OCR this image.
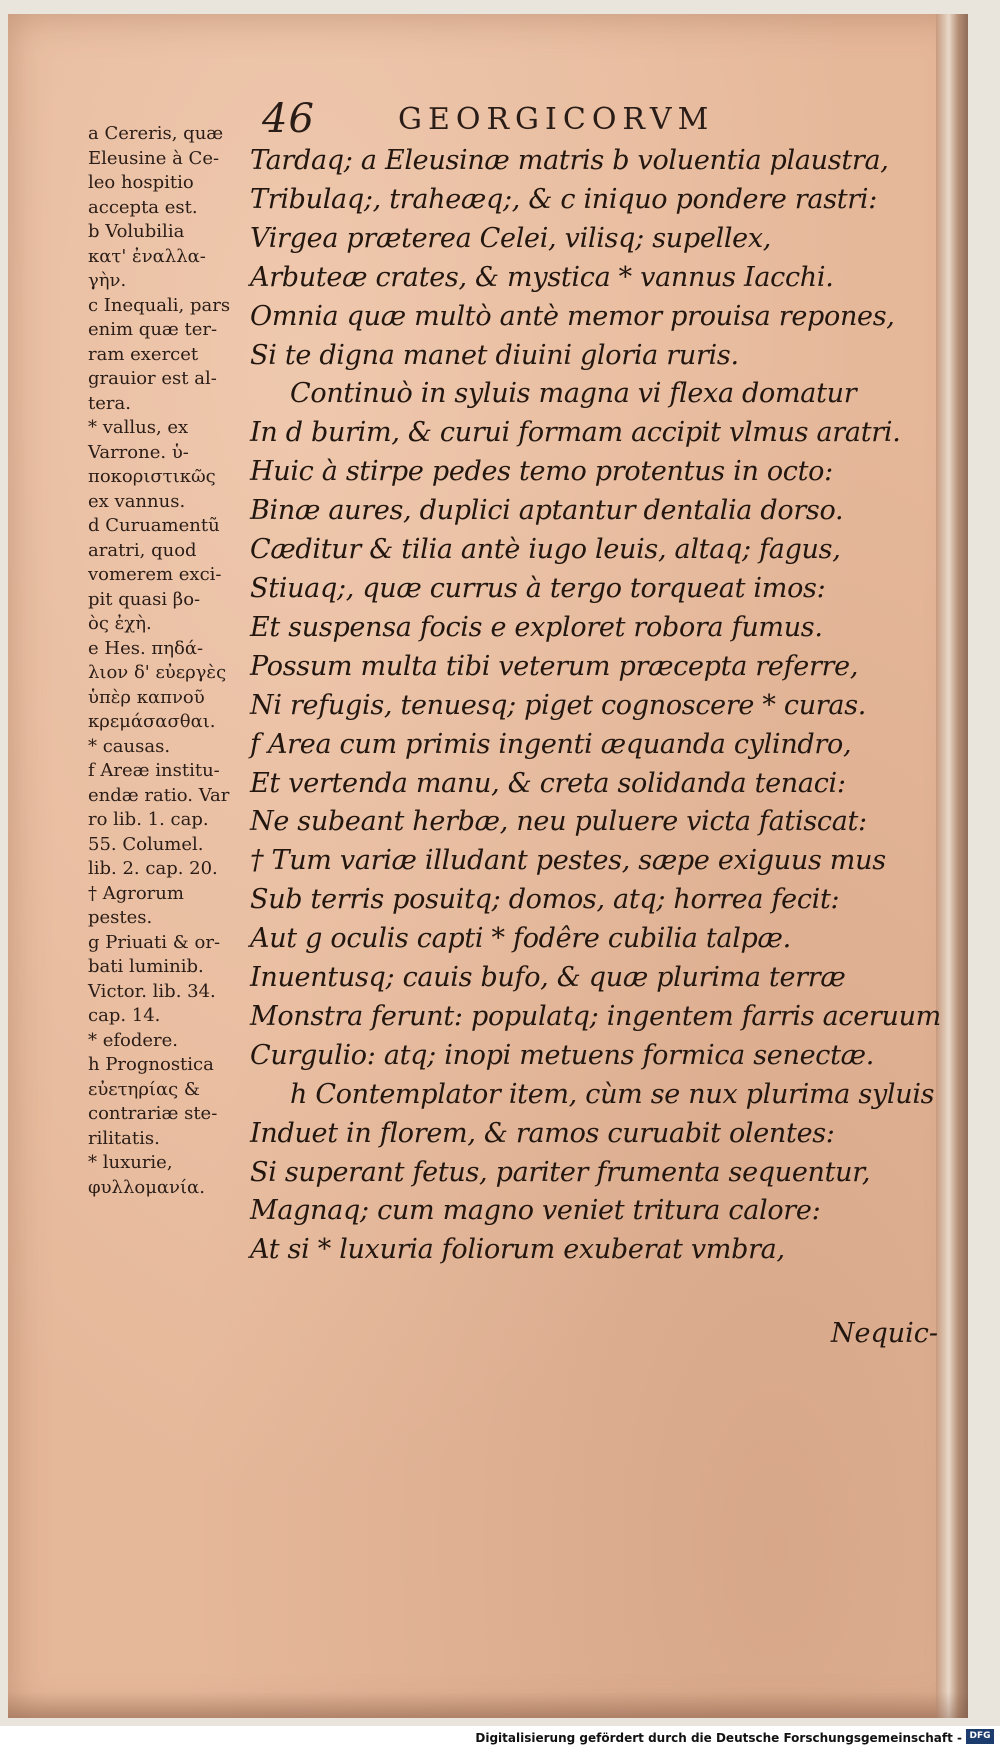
46	GEORGICORVM
a Cereris, quæ
Eleusine à Ce-
leo hospitio
accepta est.
b Volubilia
κατ' ἐναλλα-
γὴν.
c Inequali, pars
enim quæ ter-
ram exercet
grauior est al-
tera.
* vallus, ex
Varrone. ὑ-
ποκοριστικῶς
ex vannus.
d Curuamentũ
aratri, quod
vomerem exci-
pit quasi βο-
ὸς ἐχὴ.
e Hes. πηδά-
λιον δ' εὐεργὲς
ὑπὲρ καπνοῦ
κρεμάσασθαι.
* causas.
f Areæ institu-
endæ ratio. Var
ro lib. 1. cap.
55. Columel.
lib. 2. cap. 20.
† Agrorum
pestes.
g Priuati & or-
bati luminib.
Victor. lib. 34.
cap. 14.
* efodere.
h Prognostica
εὐετηρίας &
contrariæ ste-
rilitatis.
* luxurie,
φυλλομανία.
Tardaq; a Eleusinæ matris b voluentia plaustra,
Tribulaq;, traheæq;, & c iniquo pondere rastri:
Virgea præterea Celei, vilisq; supellex,
Arbuteæ crates, & mystica * vannus Iacchi.
Omnia quæ multò antè memor prouisa repones,
Si te digna manet diuini gloria ruris.
Continuò in syluis magna vi flexa domatur
In d burim, & curui formam accipit vlmus aratri.
Huic à stirpe pedes temo protentus in octo:
Binæ aures, duplici aptantur dentalia dorso.
Cæditur & tilia antè iugo leuis, altaq; fagus,
Stiuaq;, quæ currus à tergo torqueat imos:
Et suspensa focis e exploret robora fumus.
Possum multa tibi veterum præcepta referre,
Ni refugis, tenuesq; piget cognoscere * curas.
f Area cum primis ingenti æquanda cylindro,
Et vertenda manu, & creta solidanda tenaci:
Ne subeant herbæ, neu puluere victa fatiscat:
† Tum variæ illudant pestes, sæpe exiguus mus
Sub terris posuitq; domos, atq; horrea fecit:
Aut g oculis capti * fodêre cubilia talpæ.
Inuentusq; cauis bufo, & quæ plurima terræ
Monstra ferunt: populatq; ingentem farris aceruum
Curgulio: atq; inopi metuens formica senectæ.
h Contemplator item, cùm se nux plurima syluis
Induet in florem, & ramos curuabit olentes:
Si superant fetus, pariter frumenta sequentur,
Magnaq; cum magno veniet tritura calore:
At si * luxuria foliorum exuberat vmbra,
Nequic-
Digitalisierung gefördert durch die Deutsche Forschungsgemeinschaft - DFG
